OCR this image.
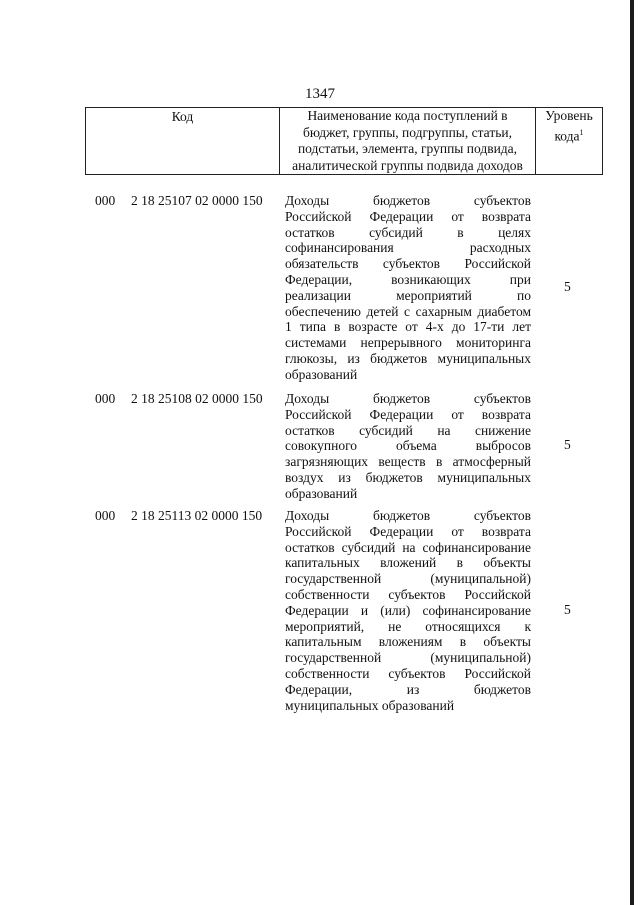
1347
Код	Наименование кода поступлений в
бюджет, группы, подгруппы, статьи,
подстатьи, элемента, группы подвида,
аналитической группы подвида доходов
Уровень
кода$^1$
000 2 18 25107 02 0000 150 Доходы бюджетов субъектов
Российской Федерации от возврата
остатков субсидий в целях
софинансирования расходных
обязательств субъектов Российской
Федерации, возникающих при
реализации мероприятий по
обеспечению детей с сахарным диабетом
1 типа в возрасте от 4-х до 17-ти лет
системами непрерывного мониторинга
глюкозы, из бюджетов муниципальных
образований
5
000 2 18 25108 02 0000 150 Доходы бюджетов субъектов
Российской Федерации от возврата
остатков субсидий на снижение
совокупного объема выбросов
загрязняющих веществ в атмосферный
воздух из бюджетов муниципальных
образований
5
000 2 18 25113 02 0000 150 Доходы бюджетов субъектов
Российской Федерации от возврата
остатков субсидий на софинансирование
капитальных вложений в объекты
государственной (муниципальной)
собственности субъектов Российской
Федерации и (или) софинансирование
мероприятий, не относящихся к
капитальным вложениям в объекты
государственной (муниципальной)
собственности субъектов Российской
Федерации, из бюджетов
муниципальных образований
5
